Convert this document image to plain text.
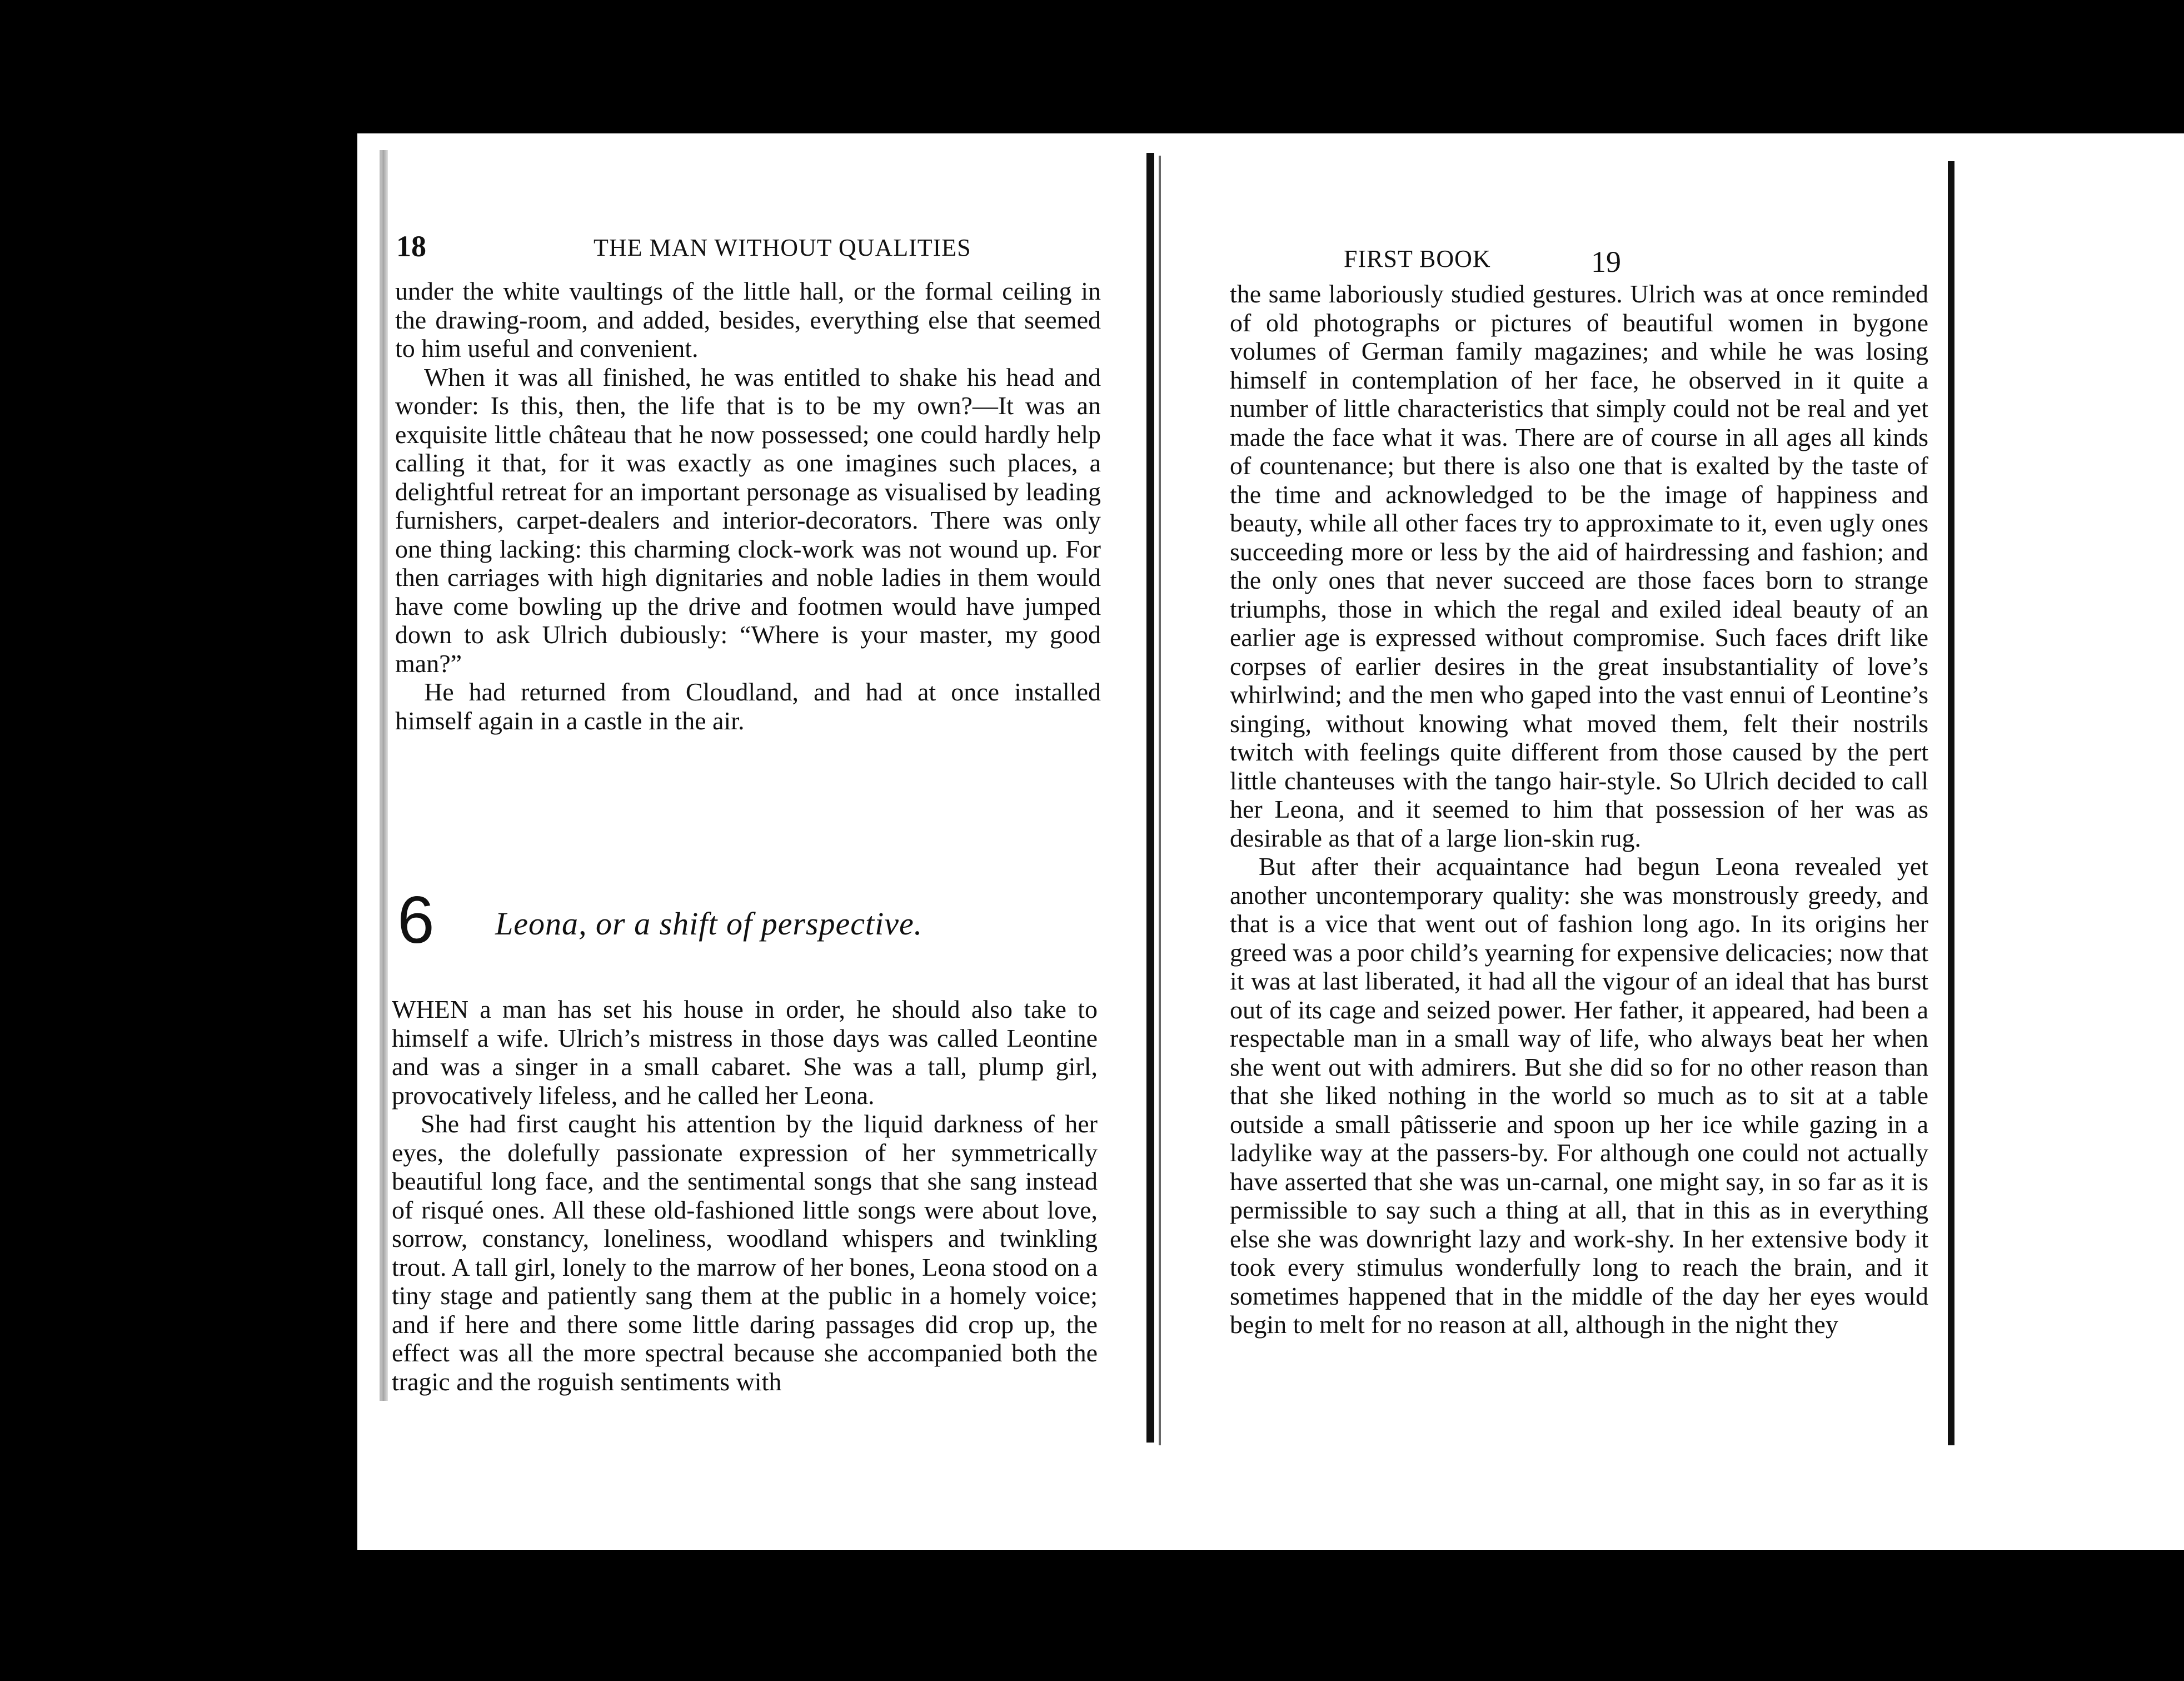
18	THE MAN WITHOUT QUALITIES

under the white vaultings of the little hall, or the formal ceiling in the drawing-room, and added, besides, everything else that seemed to him useful and convenient.

When it was all finished, he was entitled to shake his head and wonder: Is this, then, the life that is to be my own?—It was an exquisite little château that he now possessed; one could hardly help calling it that, for it was exactly as one imagines such places, a delightful retreat for an important personage as visualised by leading furnishers, carpet-dealers and interior-decorators. There was only one thing lacking: this charming clock-work was not wound up. For then carriages with high dignitaries and noble ladies in them would have come bowling up the drive and footmen would have jumped down to ask Ulrich dubiously: “Where is your master, my good man?”

He had returned from Cloudland, and had at once installed himself again in a castle in the air.

6 Leona, or a shift of perspective.

WHEN a man has set his house in order, he should also take to himself a wife. Ulrich’s mistress in those days was called Leontine and was a singer in a small cabaret. She was a tall, plump girl, provocatively lifeless, and he called her Leona.

She had first caught his attention by the liquid darkness of her eyes, the dolefully passionate expression of her symmetrically beautiful long face, and the sentimental songs that she sang instead of risqué ones. All these old-fashioned little songs were about love, sorrow, constancy, loneliness, woodland whispers and twinkling trout. A tall girl, lonely to the marrow of her bones, Leona stood on a tiny stage and patiently sang them at the public in a homely voice; and if here and there some little daring passages did crop up, the effect was all the more spectral because she accompanied both the tragic and the roguish sentiments with

FIRST BOOK	19

the same laboriously studied gestures. Ulrich was at once reminded of old photographs or pictures of beautiful women in bygone volumes of German family magazines; and while he was losing himself in contemplation of her face, he observed in it quite a number of little characteristics that simply could not be real and yet made the face what it was. There are of course in all ages all kinds of countenance; but there is also one that is exalted by the taste of the time and acknowledged to be the image of happiness and beauty, while all other faces try to approximate to it, even ugly ones succeeding more or less by the aid of hairdressing and fashion; and the only ones that never succeed are those faces born to strange triumphs, those in which the regal and exiled ideal beauty of an earlier age is expressed without compromise. Such faces drift like corpses of earlier desires in the great insubstantiality of love’s whirlwind; and the men who gaped into the vast ennui of Leontine’s singing, without knowing what moved them, felt their nostrils twitch with feelings quite different from those caused by the pert little chanteuses with the tango hair-style. So Ulrich decided to call her Leona, and it seemed to him that possession of her was as desirable as that of a large lion-skin rug.

But after their acquaintance had begun Leona revealed yet another uncontemporary quality: she was monstrously greedy, and that is a vice that went out of fashion long ago. In its origins her greed was a poor child’s yearning for expensive delicacies; now that it was at last liberated, it had all the vigour of an ideal that has burst out of its cage and seized power. Her father, it appeared, had been a respectable man in a small way of life, who always beat her when she went out with admirers. But she did so for no other reason than that she liked nothing in the world so much as to sit at a table outside a small pâtisserie and spoon up her ice while gazing in a ladylike way at the passers-by. For although one could not actually have asserted that she was un-carnal, one might say, in so far as it is permissible to say such a thing at all, that in this as in everything else she was downright lazy and work-shy. In her extensive body it took every stimulus wonderfully long to reach the brain, and it sometimes happened that in the middle of the day her eyes would begin to melt for no reason at all, although in the night they
